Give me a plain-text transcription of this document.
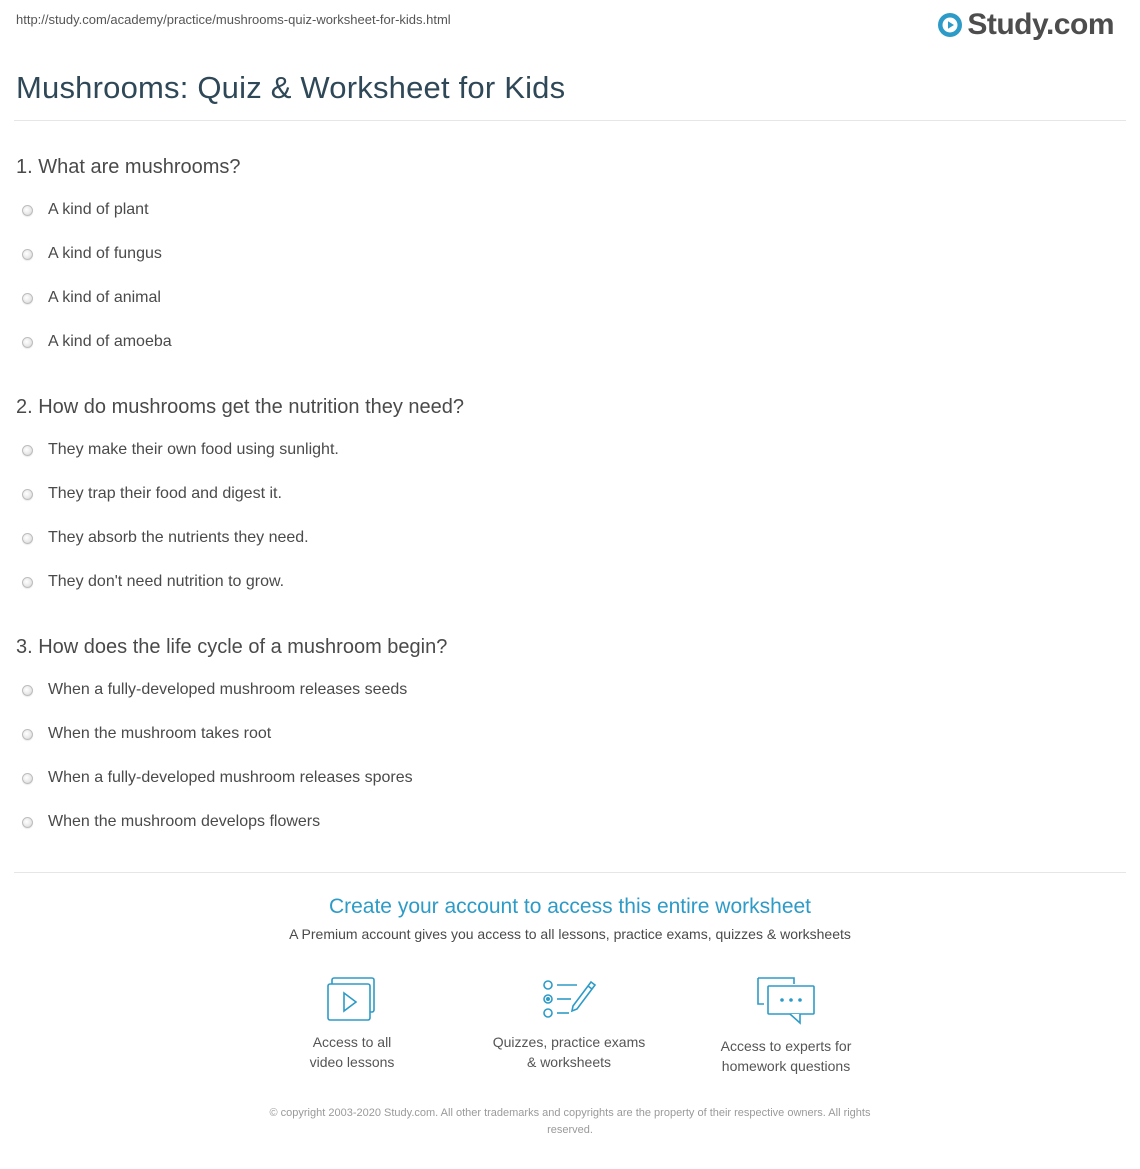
http://study.com/academy/practice/mushrooms-quiz-worksheet-for-kids.html	Study.com
Mushrooms: Quiz & Worksheet for Kids
1. What are mushrooms?
A kind of plant
A kind of fungus
A kind of animal
A kind of amoeba
2. How do mushrooms get the nutrition they need?
They make their own food using sunlight.
They trap their food and digest it.
They absorb the nutrients they need.
They don't need nutrition to grow.
3. How does the life cycle of a mushroom begin?
When a fully-developed mushroom releases seeds
When the mushroom takes root
When a fully-developed mushroom releases spores
When the mushroom develops flowers
Create your account to access this entire worksheet
A Premium account gives you access to all lessons, practice exams, quizzes & worksheets
Access to all
video lessons
Quizzes, practice exams
& worksheets
Access to experts for
homework questions
© copyright 2003-2020 Study.com. All other trademarks and copyrights are the property of their respective owners. All rights
reserved.
